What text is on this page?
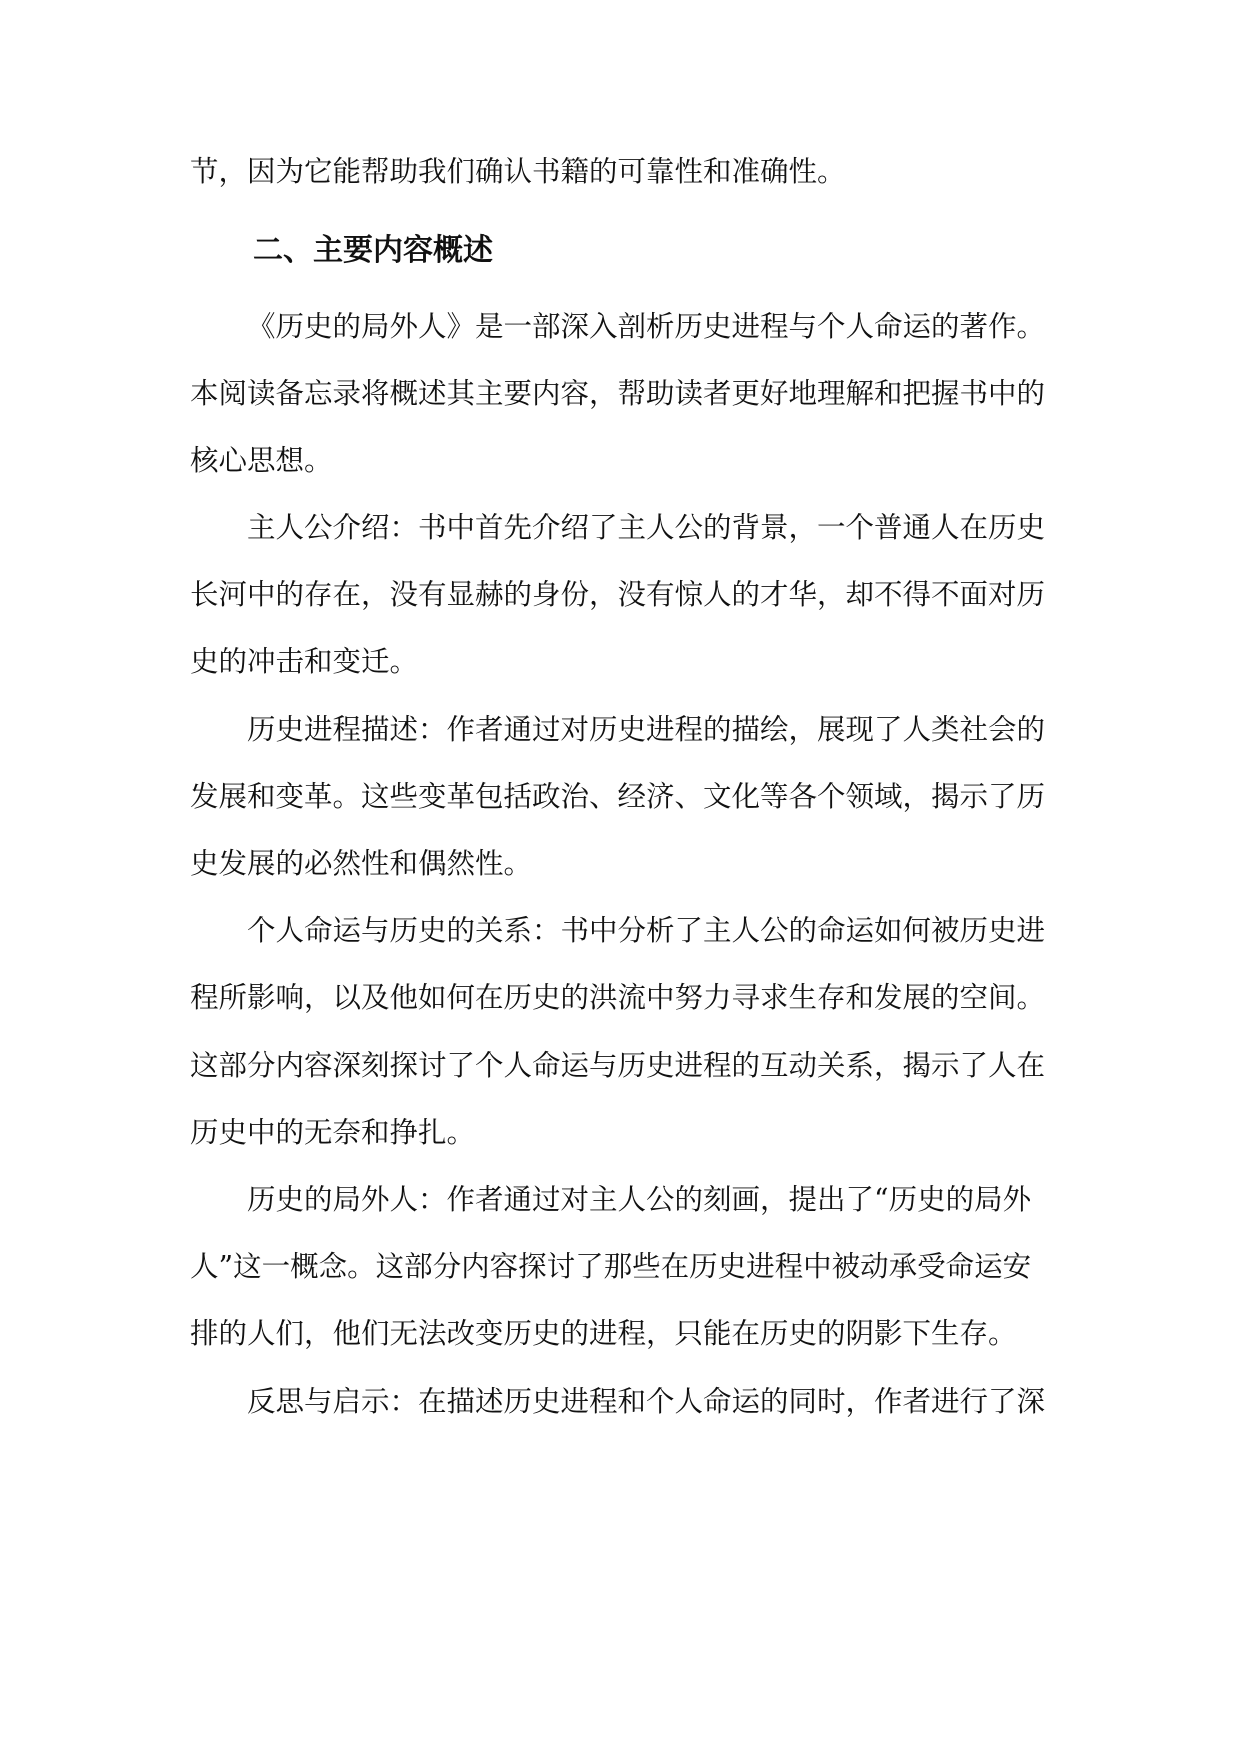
节，因为它能帮助我们确认书籍的可靠性和准确性。
二、主要内容概述
《历史的局外人》是一部深入剖析历史进程与个人命运的著作。
本阅读备忘录将概述其主要内容，帮助读者更好地理解和把握书中的
核心思想。
主人公介绍：书中首先介绍了主人公的背景，一个普通人在历史
长河中的存在，没有显赫的身份，没有惊人的才华，却不得不面对历
史的冲击和变迁。
历史进程描述：作者通过对历史进程的描绘，展现了人类社会的
发展和变革。这些变革包括政治、经济、文化等各个领域，揭示了历
史发展的必然性和偶然性。
个人命运与历史的关系：书中分析了主人公的命运如何被历史进
程所影响，以及他如何在历史的洪流中努力寻求生存和发展的空间。
这部分内容深刻探讨了个人命运与历史进程的互动关系，揭示了人在
历史中的无奈和挣扎。
历史的局外人：作者通过对主人公的刻画，提出了“历史的局外
人”这一概念。这部分内容探讨了那些在历史进程中被动承受命运安
排的人们，他们无法改变历史的进程，只能在历史的阴影下生存。
反思与启示：在描述历史进程和个人命运的同时，作者进行了深
